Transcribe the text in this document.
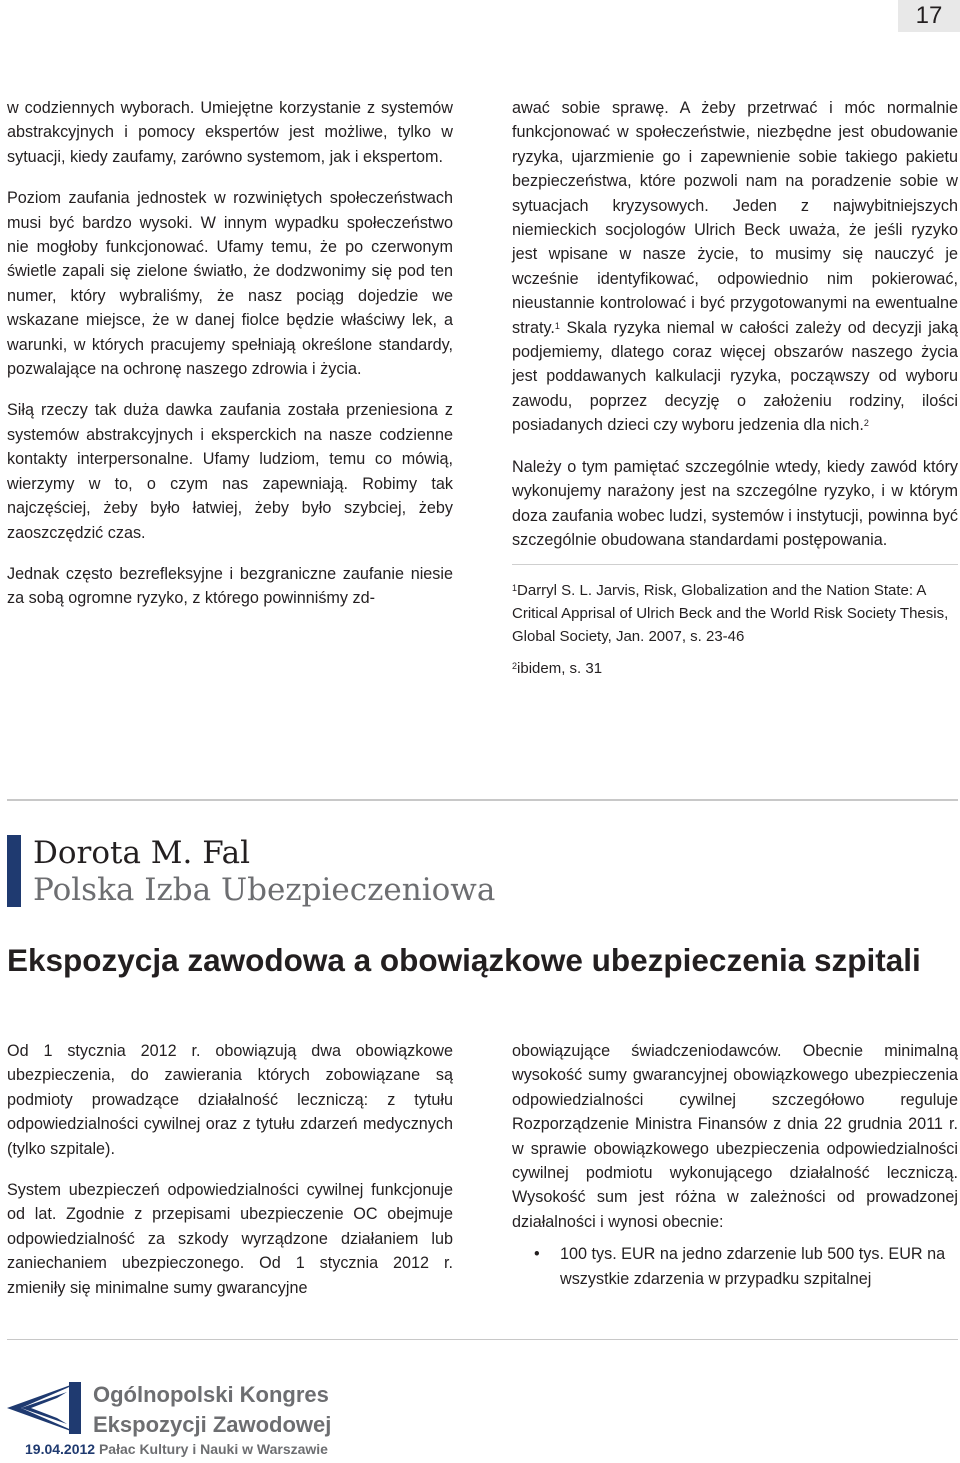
17

w codziennych wyborach. Umiejętne korzystanie z systemów abstrakcyjnych i pomocy ekspertów jest możliwe, tylko w sytuacji, kiedy zaufamy, zarówno systemom, jak i ekspertom.

Poziom zaufania jednostek w rozwiniętych społeczeństwach musi być bardzo wysoki. W innym wypadku społeczeństwo nie mogłoby funkcjonować. Ufamy temu, że po czerwonym świetle zapali się zielone światło, że dodzwonimy się pod ten numer, który wybraliśmy, że nasz pociąg dojedzie we wskazane miejsce, że w danej fiolce będzie właściwy lek, a warunki, w których pracujemy spełniają określone standardy, pozwalające na ochronę naszego zdrowia i życia.

Siłą rzeczy tak duża dawka zaufania została przeniesiona z systemów abstrakcyjnych i eksperckich na nasze codzienne kontakty interpersonalne. Ufamy ludziom, temu co mówią, wierzymy w to, o czym nas zapewniają. Robimy tak najczęściej, żeby było łatwiej, żeby było szybciej, żeby zaoszczędzić czas.

Jednak często bezrefleksyjne i bezgraniczne zaufanie niesie za sobą ogromne ryzyko, z którego powinniśmy zd-

awać sobie sprawę. A żeby przetrwać i móc normalnie funkcjonować w społeczeństwie, niezbędne jest obudowanie ryzyka, ujarzmienie go i zapewnienie sobie takiego pakietu bezpieczeństwa, które pozwoli nam na poradzenie sobie w sytuacjach kryzysowych. Jeden z najwybitniejszych niemieckich socjologów Ulrich Beck uważa, że jeśli ryzyko jest wpisane w nasze życie, to musimy się nauczyć je wcześnie identyfikować, odpowiednio nim pokierować, nieustannie kontrolować i być przygotowanymi na ewentualne straty.$^1$ Skala ryzyka niemal w całości zależy od decyzji jaką podjemiemy, dlatego coraz więcej obszarów naszego życia jest poddawanych kalkulacji ryzyka, począwszy od wyboru zawodu, poprzez decyzję o założeniu rodziny, ilości posiadanych dzieci czy wyboru jedzenia dla nich.$^2$

Należy o tym pamiętać szczególnie wtedy, kiedy zawód który wykonujemy narażony jest na szczególne ryzyko, i w którym doza zaufania wobec ludzi, systemów i instytucji, powinna być szczególnie obudowana standardami postępowania.

$^1$Darryl S. L. Jarvis, Risk, Globalization and the Nation State: A Critical Apprisal of Ulrich Beck and the World Risk Society Thesis, Global Society, Jan. 2007, s. 23-46
$^2$ibidem, s. 31
Dorota M. Fal
Polska Izba Ubezpieczeniowa
Ekspozycja zawodowa a obowiązkowe ubezpieczenia szpitali

Od 1 stycznia 2012 r. obowiązują dwa obowiązkowe ubezpieczenia, do zawierania których zobowiązane są podmioty prowadzące działalność leczniczą: z tytułu odpowiedzialności cywilnej oraz z tytułu zdarzeń medycznych (tylko szpitale).

System ubezpieczeń odpowiedzialności cywilnej funkcjonuje od lat. Zgodnie z przepisami ubezpieczenie OC obejmuje odpowiedzialność za szkody wyrządzone działaniem lub zaniechaniem ubezpieczonego. Od 1 stycznia 2012 r. zmieniły się minimalne sumy gwarancyjne

obowiązujące świadczeniodawców. Obecnie minimalną wysokość sumy gwarancyjnej obowiązkowego ubezpieczenia odpowiedzialności cywilnej szczegółowo reguluje Rozporządzenie Ministra Finansów z dnia 22 grudnia 2011 r. w sprawie obowiązkowego ubezpieczenia odpowiedzialności cywilnej podmiotu wykonującego działalność leczniczą. Wysokość sum jest różna w zależności od prowadzonej działalności i wynosi obecnie:

• 100 tys. EUR na jedno zdarzenie lub 500 tys. EUR na wszystkie zdarzenia w przypadku szpitalnej
Ogólnopolski Kongres
Ekspozycji Zawodowej
19.04.2012 Pałac Kultury i Nauki w Warszawie
